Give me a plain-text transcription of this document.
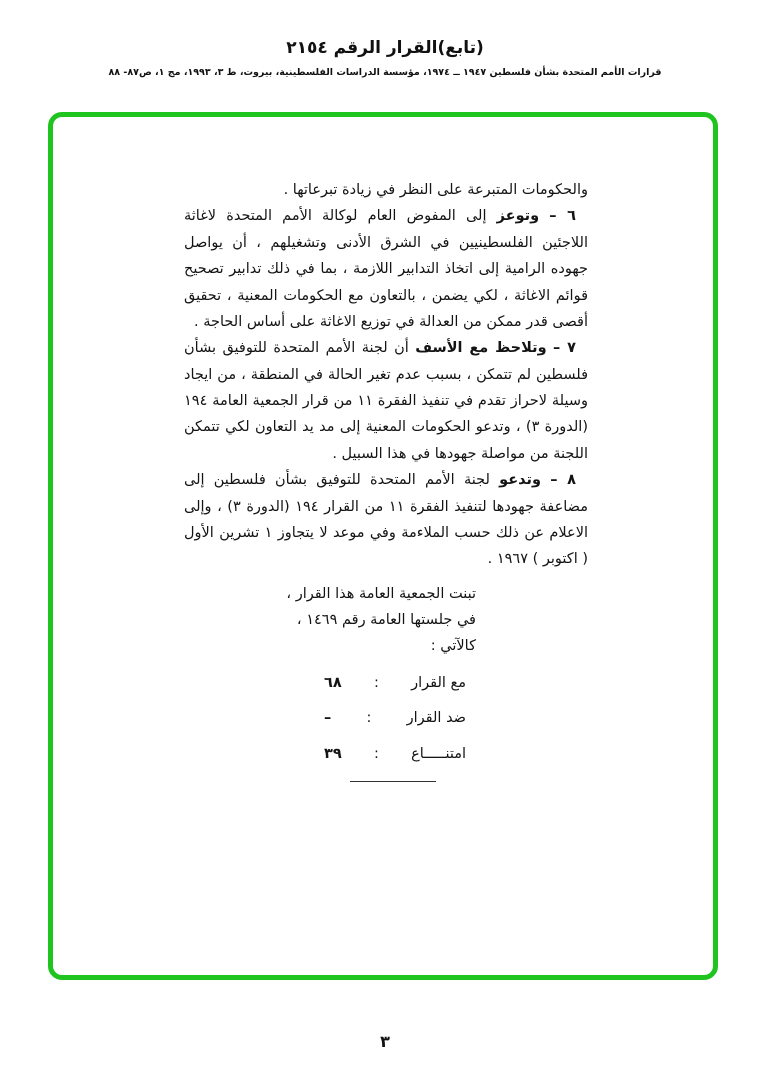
(تابع)القرار الرقم ٢١٥٤

قرارات الأمم المتحدة بشأن فلسطين ١٩٤٧ ــ ١٩٧٤، مؤسسة الدراسات الفلسطينية، بيروت، ط ٣، ١٩٩٣، مج ١، ص٨٧- ٨٨

والحكومات المتبرعة على النظر في زيادة تبرعاتها .

٦ – وتوعز إلى المفوض العام لوكالة الأمم المتحدة لاغاثة اللاجئين الفلسطينيين في الشرق الأدنى وتشغيلهم ، أن يواصل جهوده الرامية إلى اتخاذ التدابير اللازمة ، بما في ذلك تدابير تصحيح قوائم الاغاثة ، لكي يضمن ، بالتعاون مع الحكومات المعنية ، تحقيق أقصى قدر ممكن من العدالة في توزيع الاغاثة على أساس الحاجة .

٧ – وتلاحظ مع الأسف أن لجنة الأمم المتحدة للتوفيق بشأن فلسطين لم تتمكن ، بسبب عدم تغير الحالة في المنطقة ، من ايجاد وسيلة لاحراز تقدم في تنفيذ الفقرة ١١ من قرار الجمعية العامة ١٩٤ (الدورة ٣) ، وتدعو الحكومات المعنية إلى مد يد التعاون لكي تتمكن اللجنة من مواصلة جهودها في هذا السبيل .

٨ – وتدعو لجنة الأمم المتحدة للتوفيق بشأن فلسطين إلى مضاعفة جهودها لتنفيذ الفقرة ١١ من القرار ١٩٤ (الدورة ٣) ، وإلى الاعلام عن ذلك حسب الملاءمة وفي موعد لا يتجاوز ١ تشرين الأول ( اكتوبر ) ١٩٦٧ .

تبنت الجمعية العامة هذا القرار ،

في جلستها العامة رقم ١٤٦٩ ،

كالآتي :

مع القرار
:
٦٨
ضد القرار
:
–
امتنـــــاع
:
٣٩
٣
